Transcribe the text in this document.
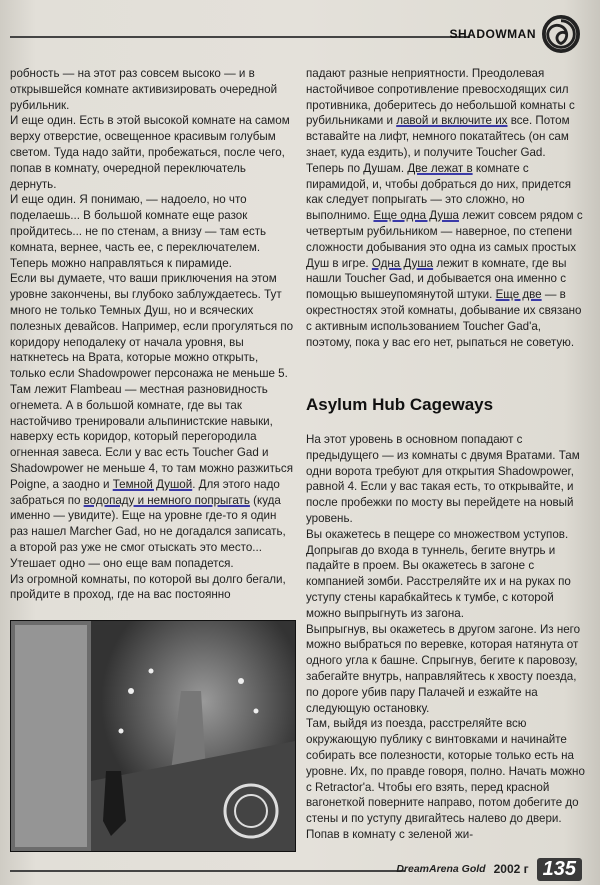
SHADOWMAN

робность — на этот раз совсем высоко — и в открывшейся комнате активизировать очередной рубильник.

И еще один. Есть в этой высокой комнате на самом верху отверстие, освещенное красивым голубым светом. Туда надо зайти, пробежаться, после чего, попав в комнату, очередной переключатель дернуть.

И еще один. Я понимаю, — надоело, но что поделаешь... В большой комнате еще разок пройдитесь... не по стенам, а внизу — там есть комната, вернее, часть ее, с переключателем. Теперь можно направляться к пирамиде.

Если вы думаете, что ваши приключения на этом уровне закончены, вы глубоко заблуждаетесь. Тут много не только Темных Душ, но и всяческих полезных девайсов. Например, если прогуляться по коридору неподалеку от начала уровня, вы наткнетесь на Врата, которые можно открыть, только если Shadowpower персонажа не меньше 5. Там лежит Flambeau — местная разновидность огнемета. А в большой комнате, где вы так настойчиво тренировали альпинистские навыки, наверху есть коридор, который перегородила огненная завеса. Если у вас есть Toucher Gad и Shadowpower не меньше 4, то там можно разжиться Poigne, а заодно и Темной Душой. Для этого надо забраться по водопаду и немного попрыгать (куда именно — увидите). Еще на уровне где-то я один раз нашел Marcher Gad, но не догадался записать, а второй раз уже не смог отыскать это место... Утешает одно — оно еще вам попадется.

Из огромной комнаты, по которой вы долго бегали, пройдите в проход, где на вас постоянно

падают разные неприятности. Преодолевая настойчивое сопротивление превосходящих сил противника, доберитесь до небольшой комнаты с рубильниками и лавой и включите их все. Потом вставайте на лифт, немного покатайтесь (он сам знает, куда ездить), и получите Toucher Gad.

Теперь по Душам. Две лежат в комнате с пирамидой, и, чтобы добраться до них, придется как следует попрыгать — это сложно, но выполнимо. Еще одна Душа лежит совсем рядом с четвертым рубильником — наверное, по степени сложности добывания это одна из самых простых Душ в игре. Одна Душа лежит в комнате, где вы нашли Toucher Gad, и добывается она именно с помощью вышеупомянутой штуки. Еще две — в окрестностях этой комнаты, добывание их связано с активным использованием Toucher Gad'a, поэтому, пока у вас его нет, рыпаться не советую.

Asylum Hub Cageways

На этот уровень в основном попадают с предыдущего — из комнаты с двумя Вратами. Там одни ворота требуют для открытия Shadowpower, равной 4. Если у вас такая есть, то открывайте, и после пробежки по мосту вы перейдете на новый уровень.

Вы окажетесь в пещере со множеством уступов. Допрыгав до входа в туннель, бегите внутрь и падайте в проем. Вы окажетесь в загоне с компанией зомби. Расстреляйте их и на руках по уступу стены карабкайтесь к тумбе, с которой можно выпрыгнуть из загона.

Выпрыгнув, вы окажетесь в другом загоне. Из него можно выбраться по веревке, которая натянута от одного угла к башне. Спрыгнув, бегите к паровозу, забегайте внутрь, направляйтесь к хвосту поезда, по дороге убив пару Палачей и езжайте на следующую остановку.

Там, выйдя из поезда, расстреляйте всю окружающую публику с винтовками и начинайте собирать все полезности, которые только есть на уровне. Их, по правде говоря, полно. Начать можно с Retractor'a. Чтобы его взять, перед красной вагонеткой поверните направо, потом добегите до стены и по уступу двигайтесь налево до двери. Попав в комнату с зеленой жи-

DreamArena Gold 2002 г 135
